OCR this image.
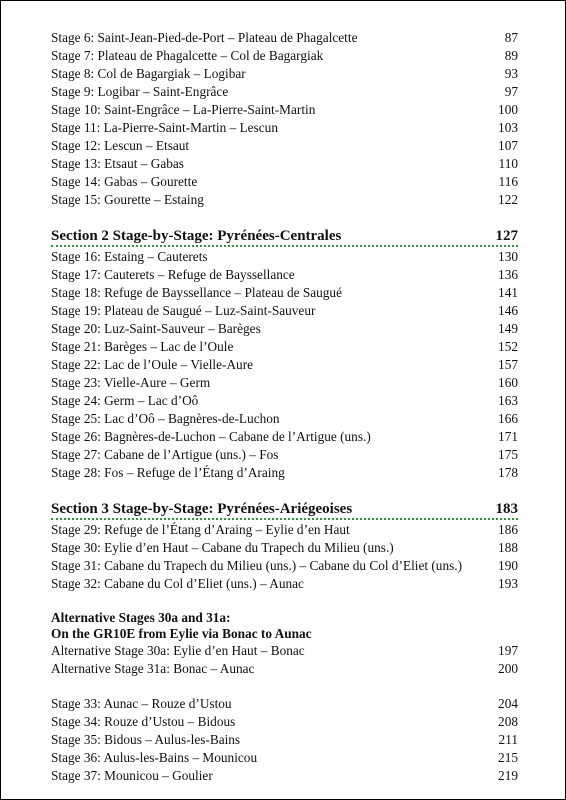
Stage 6: Saint-Jean-Pied-de-Port – Plateau de Phagalcette	87
Stage 7: Plateau de Phagalcette – Col de Bagargiak	89
Stage 8: Col de Bagargiak – Logibar	93
Stage 9: Logibar – Saint-Engrâce	97
Stage 10: Saint-Engrâce – La-Pierre-Saint-Martin	100
Stage 11: La-Pierre-Saint-Martin – Lescun	103
Stage 12: Lescun – Etsaut	107
Stage 13: Etsaut – Gabas	110
Stage 14: Gabas – Gourette	116
Stage 15: Gourette – Estaing	122
Section 2 Stage-by-Stage: Pyrénées-Centrales	127
Stage 16: Estaing – Cauterets	130
Stage 17: Cauterets – Refuge de Bayssellance	136
Stage 18: Refuge de Bayssellance – Plateau de Saugué	141
Stage 19: Plateau de Saugué – Luz-Saint-Sauveur	146
Stage 20: Luz-Saint-Sauveur – Barèges	149
Stage 21: Barèges – Lac de l’Oule	152
Stage 22: Lac de l’Oule – Vielle-Aure	157
Stage 23: Vielle-Aure – Germ	160
Stage 24: Germ – Lac d’Oô	163
Stage 25: Lac d’Oô – Bagnères-de-Luchon	166
Stage 26: Bagnères-de-Luchon – Cabane de l’Artigue (uns.)	171
Stage 27: Cabane de l’Artigue (uns.) – Fos	175
Stage 28: Fos – Refuge de l’Étang d’Araing	178
Section 3 Stage-by-Stage: Pyrénées-Ariégeoises	183
Stage 29: Refuge de l’Étang d’Araing – Eylie d’en Haut	186
Stage 30: Eylie d’en Haut – Cabane du Trapech du Milieu (uns.)	188
Stage 31: Cabane du Trapech du Milieu (uns.) – Cabane du Col d’Eliet (uns.)	190
Stage 32: Cabane du Col d’Eliet (uns.) – Aunac	193
Alternative Stages 30a and 31a:
On the GR10E from Eylie via Bonac to Aunac
Alternative Stage 30a: Eylie d’en Haut – Bonac	197
Alternative Stage 31a: Bonac – Aunac	200
Stage 33: Aunac – Rouze d’Ustou	204
Stage 34: Rouze d’Ustou – Bidous	208
Stage 35: Bidous – Aulus-les-Bains	211
Stage 36: Aulus-les-Bains – Mounicou	215
Stage 37: Mounicou – Goulier	219
